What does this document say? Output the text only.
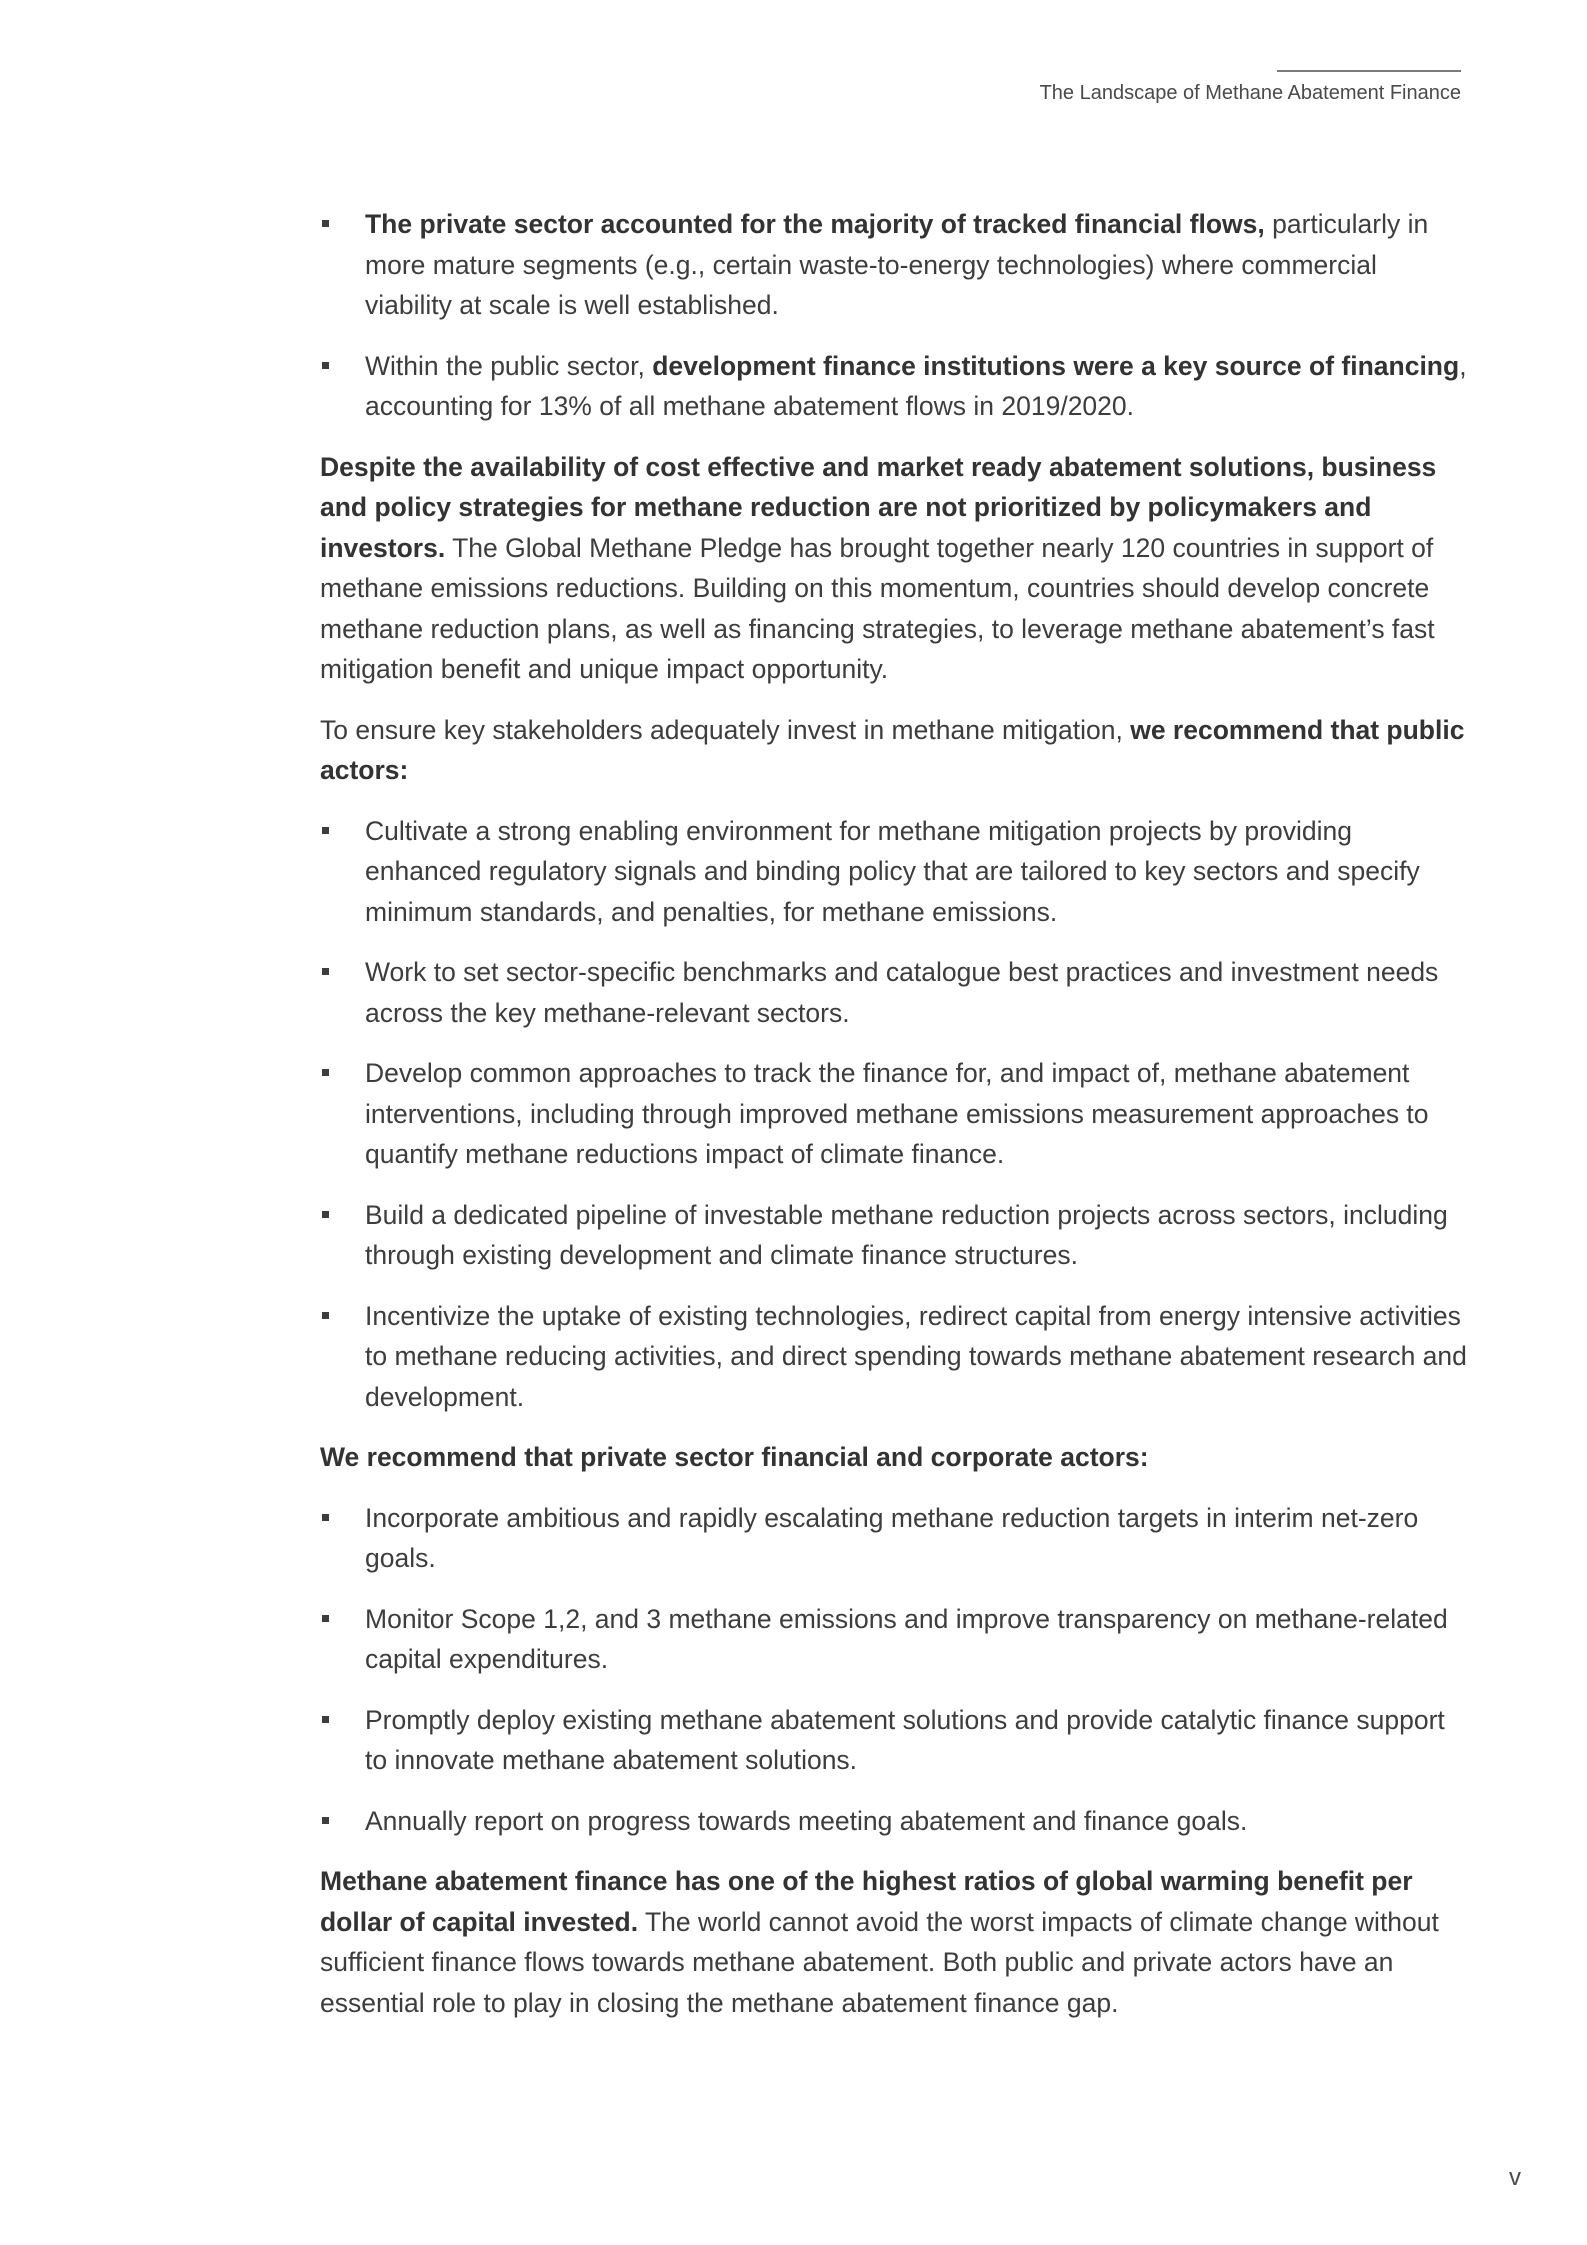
The Landscape of Methane Abatement Finance
The private sector accounted for the majority of tracked financial flows, particularly in more mature segments (e.g., certain waste-to-energy technologies) where commercial viability at scale is well established.
Within the public sector, development finance institutions were a key source of financing, accounting for 13% of all methane abatement flows in 2019/2020.

Despite the availability of cost effective and market ready abatement solutions, business and policy strategies for methane reduction are not prioritized by policymakers and investors. The Global Methane Pledge has brought together nearly 120 countries in support of methane emissions reductions. Building on this momentum, countries should develop concrete methane reduction plans, as well as financing strategies, to leverage methane abatement’s fast mitigation benefit and unique impact opportunity.

To ensure key stakeholders adequately invest in methane mitigation, we recommend that public actors:

Cultivate a strong enabling environment for methane mitigation projects by providing enhanced regulatory signals and binding policy that are tailored to key sectors and specify minimum standards, and penalties, for methane emissions.
Work to set sector-specific benchmarks and catalogue best practices and investment needs across the key methane-relevant sectors.
Develop common approaches to track the finance for, and impact of, methane abatement interventions, including through improved methane emissions measurement approaches to quantify methane reductions impact of climate finance.
Build a dedicated pipeline of investable methane reduction projects across sectors, including through existing development and climate finance structures.
Incentivize the uptake of existing technologies, redirect capital from energy intensive activities to methane reducing activities, and direct spending towards methane abatement research and development.

We recommend that private sector financial and corporate actors:

Incorporate ambitious and rapidly escalating methane reduction targets in interim net-zero goals.
Monitor Scope 1,2, and 3 methane emissions and improve transparency on methane-related capital expenditures.
Promptly deploy existing methane abatement solutions and provide catalytic finance support to innovate methane abatement solutions.
Annually report on progress towards meeting abatement and finance goals.

Methane abatement finance has one of the highest ratios of global warming benefit per dollar of capital invested. The world cannot avoid the worst impacts of climate change without sufficient finance flows towards methane abatement. Both public and private actors have an essential role to play in closing the methane abatement finance gap.

v
